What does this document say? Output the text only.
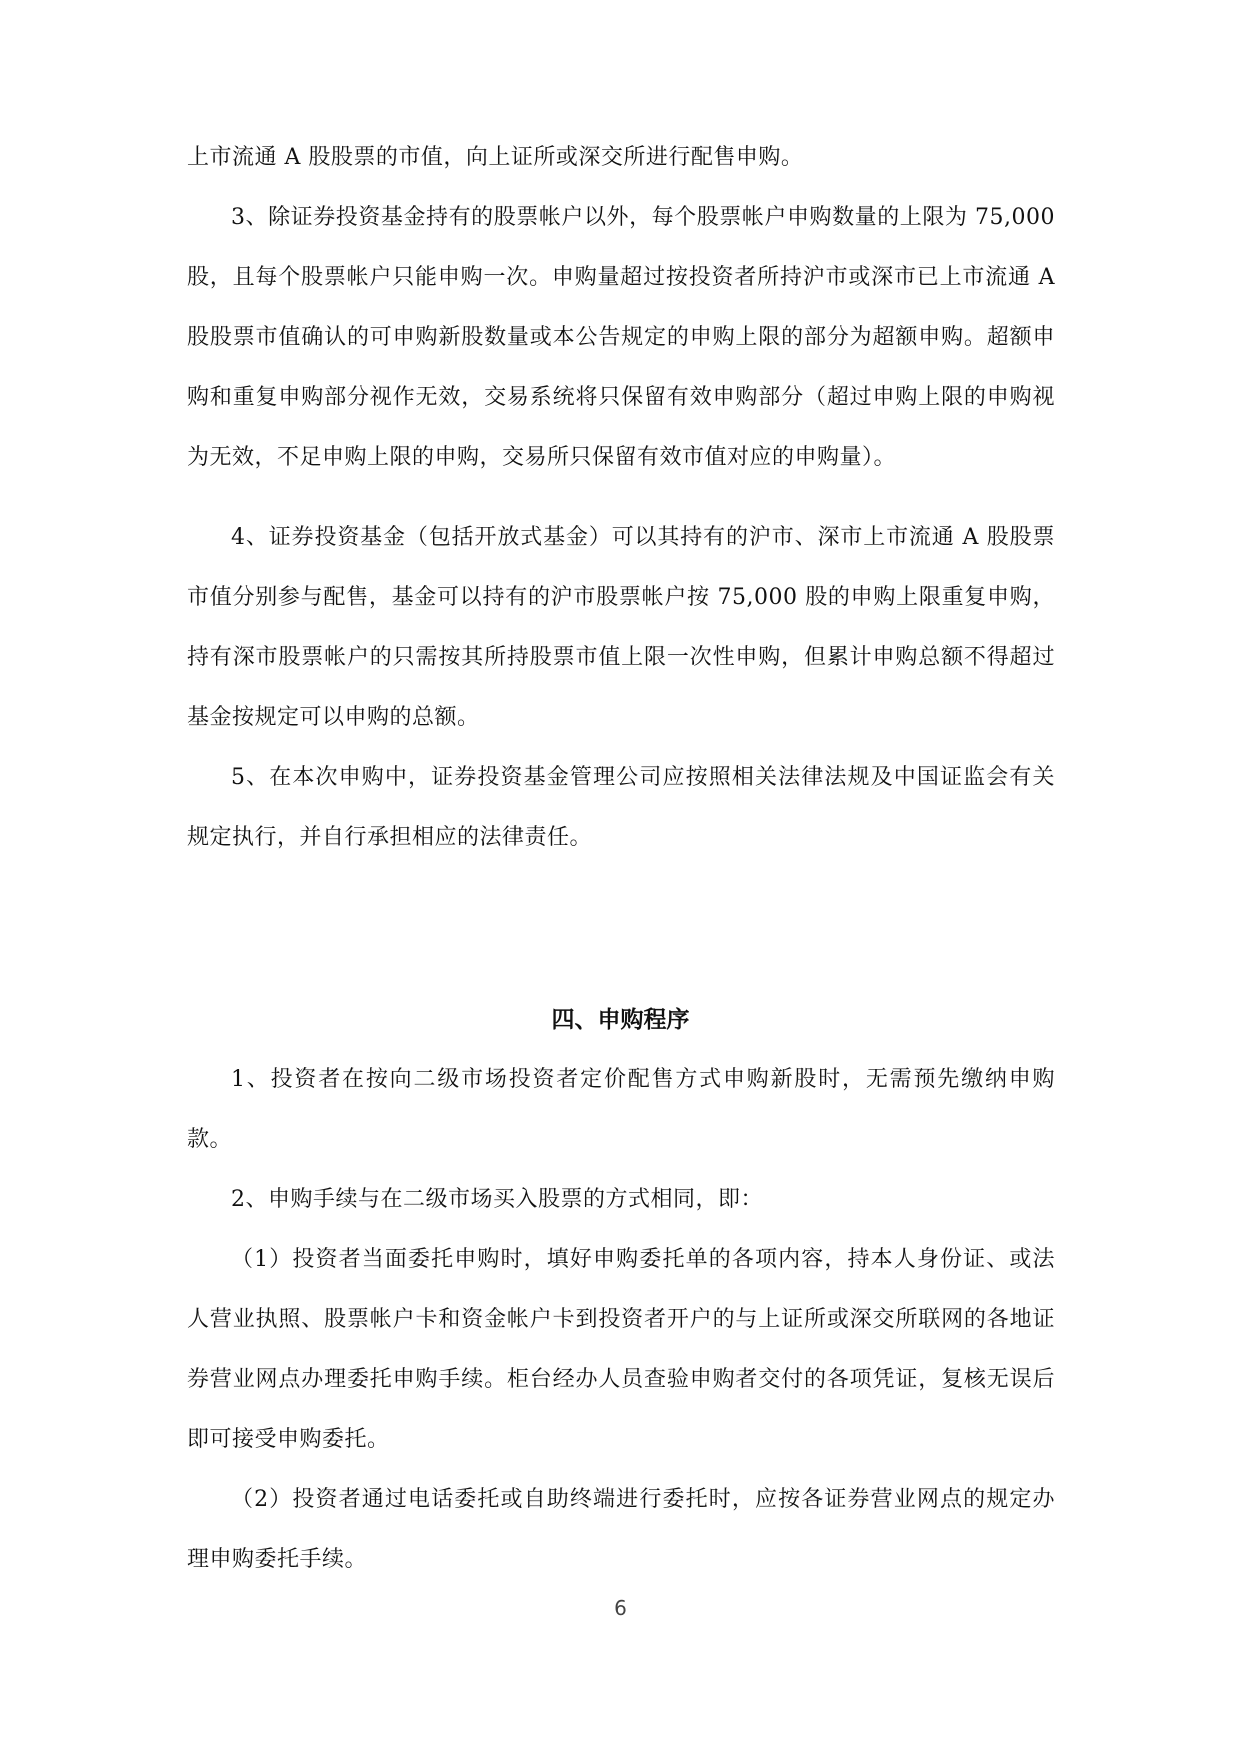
上市流通 A 股股票的市值，向上证所或深交所进行配售申购。

3、除证券投资基金持有的股票帐户以外，每个股票帐户申购数量的上限为 75,000 股，且每个股票帐户只能申购一次。申购量超过按投资者所持沪市或深市已上市流通 A 股股票市值确认的可申购新股数量或本公告规定的申购上限的部分为超额申购。超额申购和重复申购部分视作无效，交易系统将只保留有效申购部分（超过申购上限的申购视为无效，不足申购上限的申购，交易所只保留有效市值对应的申购量）。

4、证券投资基金（包括开放式基金）可以其持有的沪市、深市上市流通 A 股股票市值分别参与配售，基金可以持有的沪市股票帐户按 75,000 股的申购上限重复申购，持有深市股票帐户的只需按其所持股票市值上限一次性申购，但累计申购总额不得超过基金按规定可以申购的总额。

5、在本次申购中，证券投资基金管理公司应按照相关法律法规及中国证监会有关规定执行，并自行承担相应的法律责任。

四、申购程序

1、投资者在按向二级市场投资者定价配售方式申购新股时，无需预先缴纳申购款。

2、申购手续与在二级市场买入股票的方式相同，即：

（1）投资者当面委托申购时，填好申购委托单的各项内容，持本人身份证、或法人营业执照、股票帐户卡和资金帐户卡到投资者开户的与上证所或深交所联网的各地证券营业网点办理委托申购手续。柜台经办人员查验申购者交付的各项凭证，复核无误后即可接受申购委托。

（2）投资者通过电话委托或自助终端进行委托时，应按各证券营业网点的规定办理申购委托手续。

6
